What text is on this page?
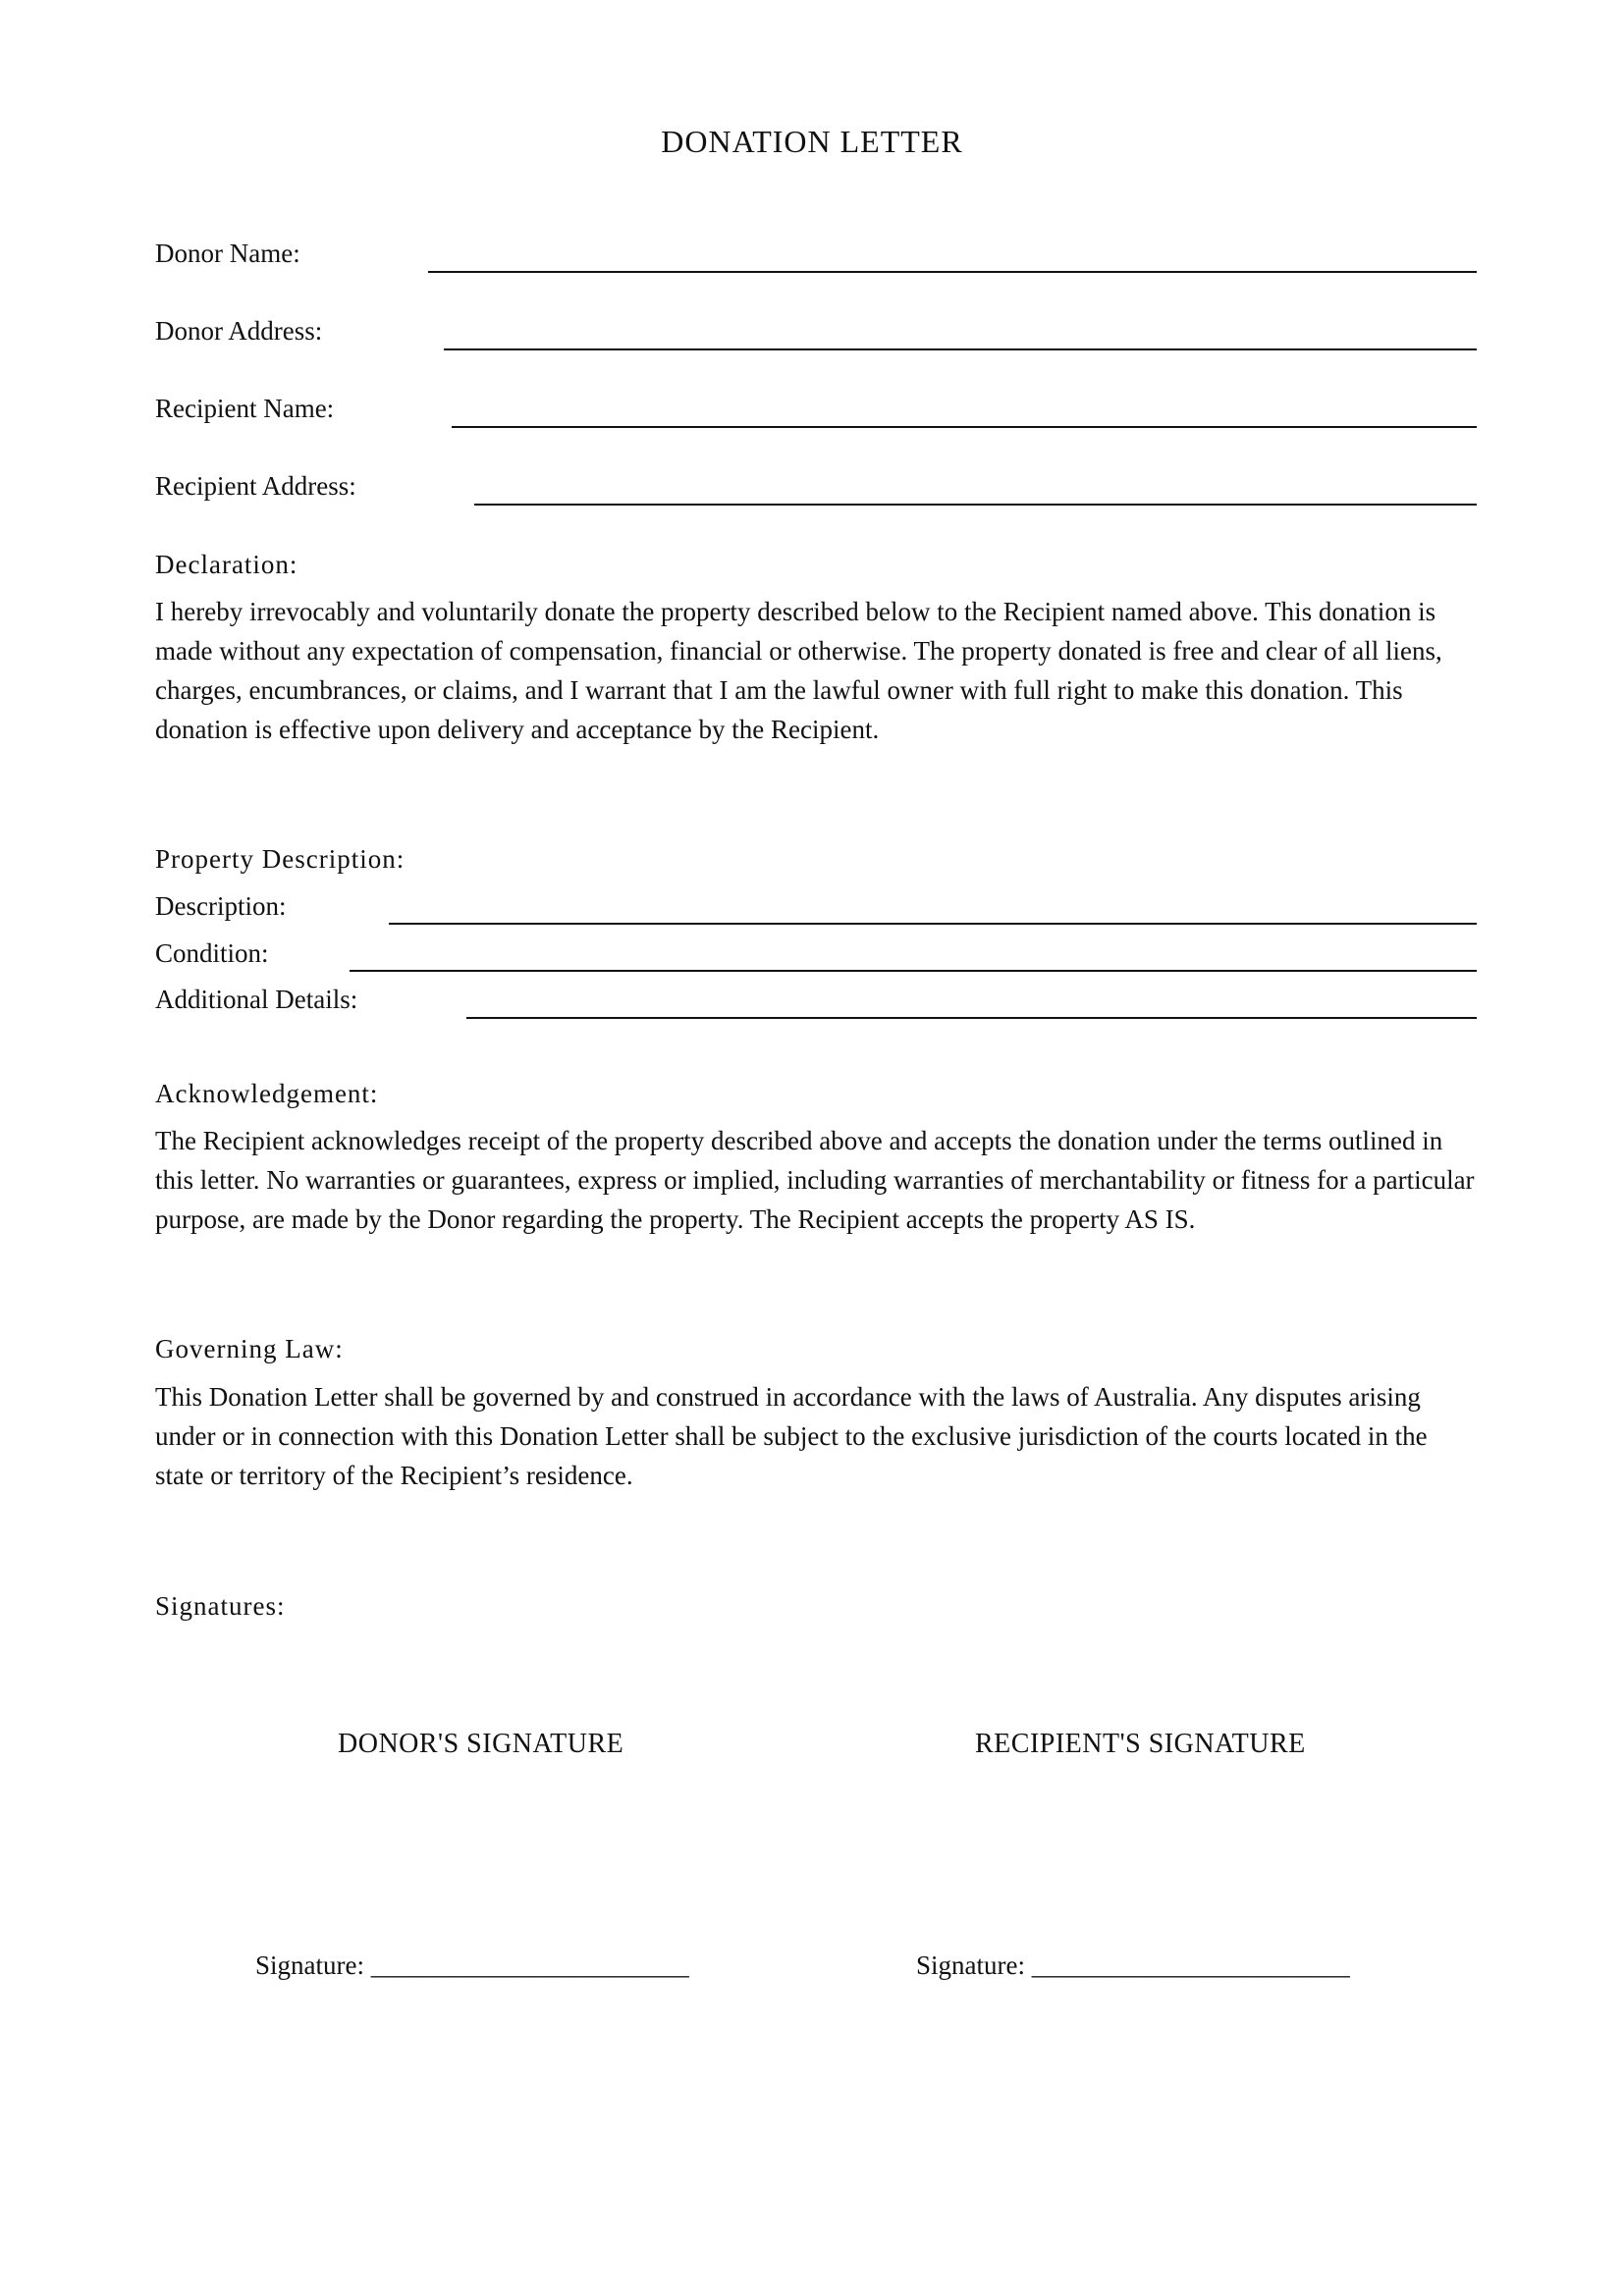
DONATION LETTER
Donor Name:
Donor Address:
Recipient Name:
Recipient Address:
Declaration:
I hereby irrevocably and voluntarily donate the property described below to the Recipient named above. This donation is made without any expectation of compensation, financial or otherwise. The property donated is free and clear of all liens, charges, encumbrances, or claims, and I warrant that I am the lawful owner with full right to make this donation. This donation is effective upon delivery and acceptance by the Recipient.
Property Description:
Description:
Condition:
Additional Details:
Acknowledgement:
The Recipient acknowledges receipt of the property described above and accepts the donation under the terms outlined in this letter. No warranties or guarantees, express or implied, including warranties of merchantability or fitness for a particular purpose, are made by the Donor regarding the property. The Recipient accepts the property AS IS.
Governing Law:
This Donation Letter shall be governed by and construed in accordance with the laws of Australia. Any disputes arising under or in connection with this Donation Letter shall be subject to the exclusive jurisdiction of the courts located in the state or territory of the Recipient’s residence.
Signatures:
DONOR'S SIGNATURE	RECIPIENT'S SIGNATURE
Signature: ________________________	Signature: ________________________
